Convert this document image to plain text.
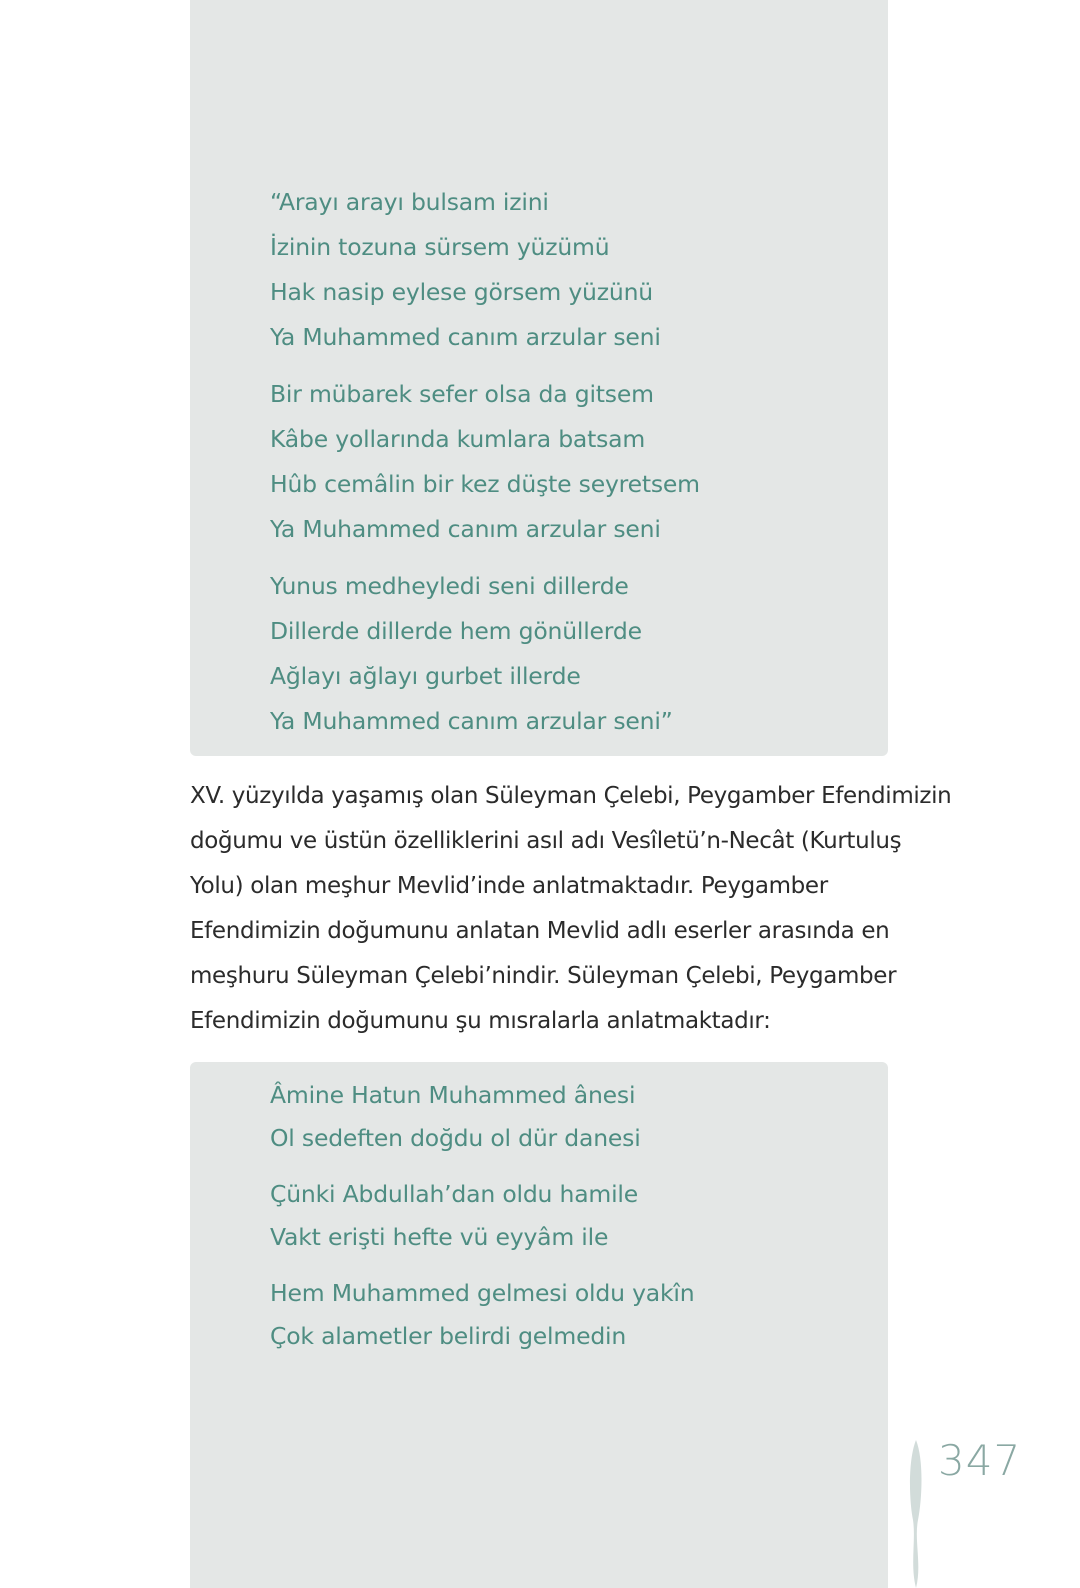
“Arayı arayı bulsam izini
İzinin tozuna sürsem yüzümü
Hak nasip eylese görsem yüzünü
Ya Muhammed canım arzular seni
Bir mübarek sefer olsa da gitsem
Kâbe yollarında kumlara batsam
Hûb cemâlin bir kez düşte seyretsem
Ya Muhammed canım arzular seni
Yunus medheyledi seni dillerde
Dillerde dillerde hem gönüllerde
Ağlayı ağlayı gurbet illerde
Ya Muhammed canım arzular seni”
XV. yüzyılda yaşamış olan Süleyman Çelebi, Peygamber Efendimizin
doğumu ve üstün özelliklerini asıl adı Vesîletü’n-Necât (Kurtuluş
Yolu) olan meşhur Mevlid’inde anlatmaktadır. Peygamber
Efendimizin doğumunu anlatan Mevlid adlı eserler arasında en
meşhuru Süleyman Çelebi’nindir. Süleyman Çelebi, Peygamber
Efendimizin doğumunu şu mısralarla anlatmaktadır:
Âmine Hatun Muhammed ânesi
Ol sedeften doğdu ol dür danesi
Çünki Abdullah’dan oldu hamile
Vakt erişti hefte vü eyyâm ile
Hem Muhammed gelmesi oldu yakîn
Çok alametler belirdi gelmedin
347
